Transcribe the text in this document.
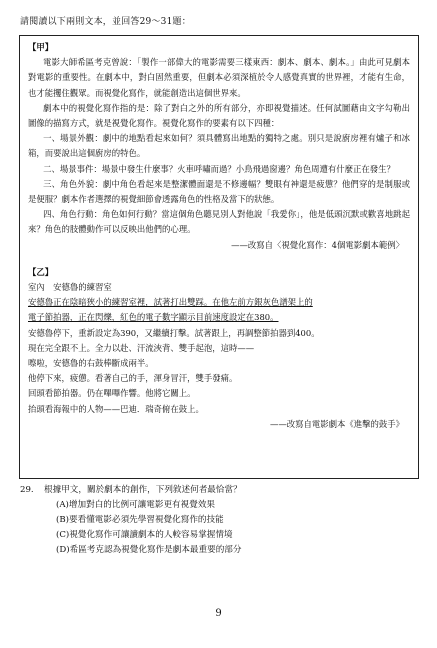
請閱讀以下兩則文本，並回答29～31題：
【甲】

電影大師希區考克曾說：「製作一部偉大的電影需要三樣東西：劇本、劇本、劇本。」由此可見劇本對電影的重要性。在劇本中，對白固然重要，但劇本必須深植於令人感覺真實的世界裡，才能有生命，也才能攫住觀眾。而視覺化寫作，就能創造出這個世界來。

劇本中的視覺化寫作指的是：除了對白之外的所有部分，亦即視覺描述。任何試圖藉由文字勾勒出圖像的描寫方式，就是視覺化寫作。視覺化寫作的要素有以下四種：

一、場景外觀：劇中的地點看起來如何？須具體寫出地點的獨特之處。別只是說廚房裡有爐子和冰箱，而要說出這個廚房的特色。

二、場景事件：場景中發生什麼事？火車呼嘯而過？小鳥飛過窗邊？角色周遭有什麼正在發生？

三、角色外貌：劇中角色看起來是整潔體面還是不修邊幅？雙眼有神還是疲憊？他們穿的是制服或是便服？劇本作者選擇的視覺細節會透露角色的性格及當下的狀態。

四、角色行動：角色如何行動？當這個角色聽見別人對他說「我愛你」，他是低頭沉默或歡喜地跳起來？角色的肢體動作可以反映出他們的心理。

——改寫自〈視覺化寫作：4個電影劇本範例〉

【乙】

室內　安德魯的練習室

安德魯正在陰暗狹小的練習室裡，試著打出雙踩。在他左前方銀灰色譜架上的

電子節拍器，正在閃爍，紅色的電子數字顯示目前速度設定在380。

安德魯停下，重新設定為390，又繼續打擊。試著跟上，再調整節拍器到400。

現在完全跟不上。全力以赴、汗流浹背、雙手起泡，這時——

嚓啦，安德魯的右鼓棒斷成兩半。

他停下來，疲憊。看著自己的手，渾身冒汗，雙手發痛。

回頭看節拍器。仍在嗶嗶作響。他將它關上。

抬頭看海報中的人物——巴迪．瑞奇俯在鼓上。

——改寫自電影劇本《進擊的鼓手》

29. 根據甲文，關於劇本的創作，下列敘述何者最恰當？

(A)增加對白的比例可讓電影更有視覺效果

(B)要看懂電影必須先學習視覺化寫作的技能

(C)視覺化寫作可讓讀劇本的人較容易掌握情境

(D)希區考克認為視覺化寫作是劇本最重要的部分

9
